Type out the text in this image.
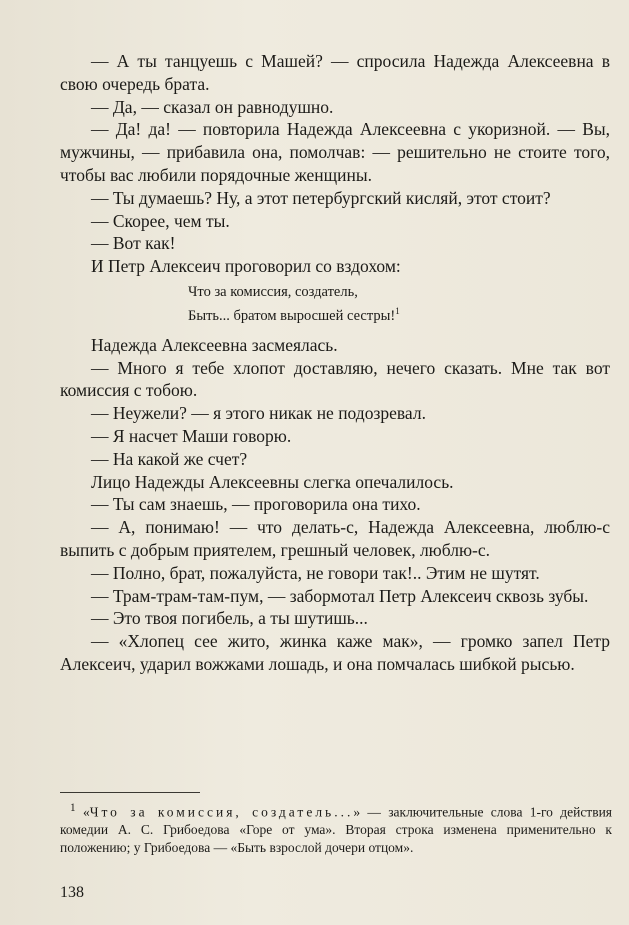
— А ты танцуешь с Машей? — спросила Надежда Алексеевна в свою очередь брата.

— Да, — сказал он равнодушно.

— Да! да! — повторила Надежда Алексеевна с укоризной. — Вы, мужчины, — прибавила она, помолчав: — решительно не стоите того, чтобы вас любили порядочные женщины.

— Ты думаешь? Ну, а этот петербургский кисляй, этот стоит?

— Скорее, чем ты.

— Вот как!

И Петр Алексеич проговорил со вздохом:

Что за комиссия, создатель,
Быть... братом выросшей сестры!$^1$

Надежда Алексеевна засмеялась.

— Много я тебе хлопот доставляю, нечего сказать. Мне так вот комиссия с тобою.

— Неужели? — я этого никак не подозревал.

— Я насчет Маши говорю.

— На какой же счет?

Лицо Надежды Алексеевны слегка опечалилось.

— Ты сам знаешь, — проговорила она тихо.

— А, понимаю! — что делать-с, Надежда Алексеевна, люблю-с выпить с добрым приятелем, грешный человек, люблю-с.

— Полно, брат, пожалуйста, не говори так!.. Этим не шутят.

— Трам-трам-там-пум, — забормотал Петр Алексеич сквозь зубы.

— Это твоя погибель, а ты шутишь...

— «Хлопец сее жито, жинка каже мак», — громко запел Петр Алексеич, ударил вожжами лошадь, и она помчалась шибкой рысью.

$^1$ «Что за комиссия, создатель...» — заключительные слова 1-го действия комедии А. С. Грибоедова «Горе от ума». Вторая строка изменена применительно к положению; у Грибоедова — «Быть взрослой дочери отцом».

138
